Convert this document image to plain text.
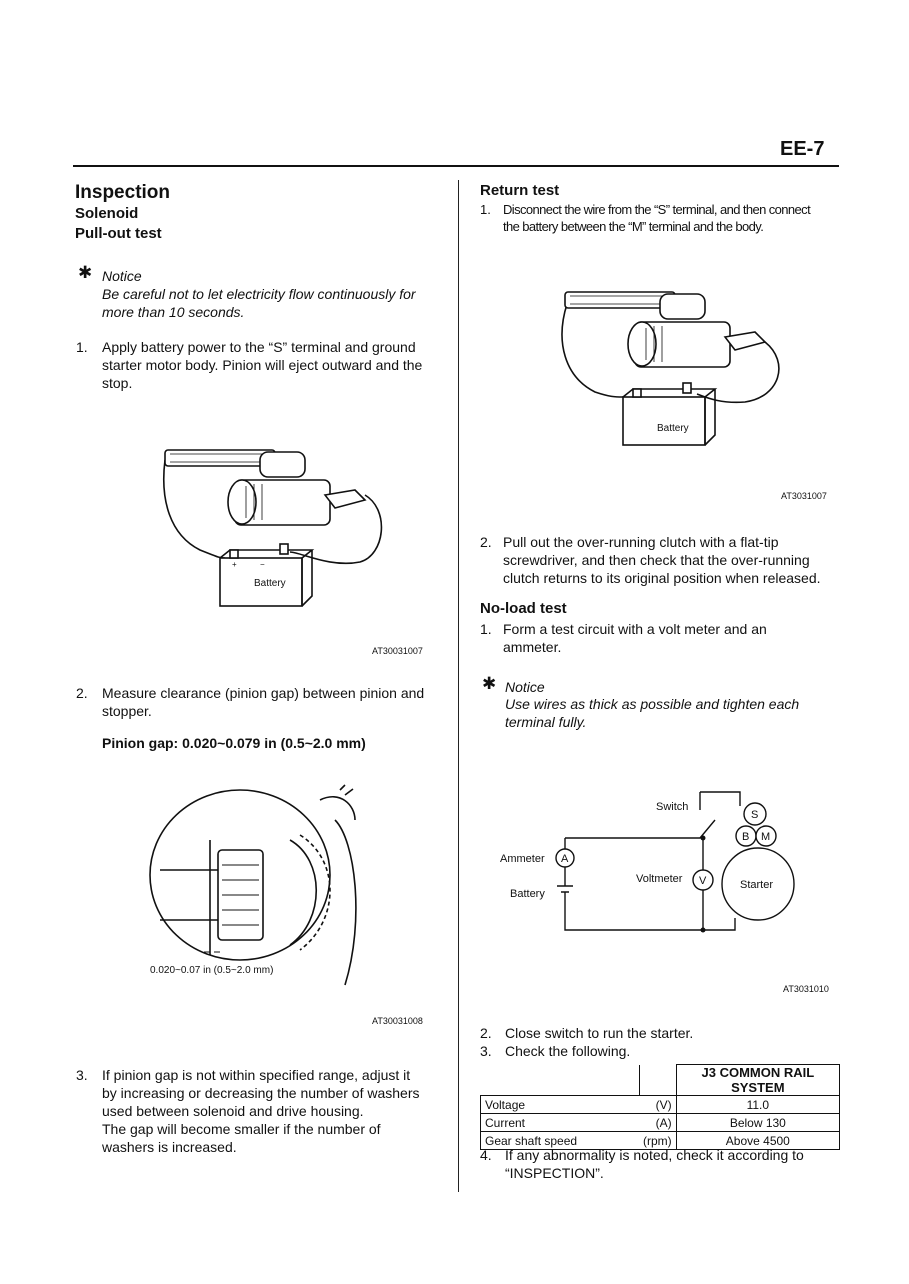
EE-7
Inspection
Solenoid
Pull-out test
✱ Notice
Be careful not to let electricity flow continuously for
more than 10 seconds.
1. Apply battery power to the “S” terminal and ground
starter motor body. Pinion will eject outward and the
stop.
Battery
+	−
AT30031007
2. Measure clearance (pinion gap) between pinion and
stopper.
Pinion gap: 0.020~0.079 in (0.5~2.0 mm)
0.020~0.07 in (0.5~2.0 mm)
AT30031008
3. If pinion gap is not within specified range, adjust it
by increasing or decreasing the number of washers
used between solenoid and drive housing.
The gap will become smaller if the number of
washers is increased.
Return test
1. Disconnect the wire from the “S” terminal, and then connect
the battery between the “M” terminal and the body.
Battery
AT3031007
2. Pull out the over-running clutch with a flat-tip
screwdriver, and then check that the over-running
clutch returns to its original position when released.
No-load test
1. Form a test circuit with a volt meter and an
ammeter.
✱ Notice
Use wires as thick as possible and tighten each
terminal fully.
Switch
S
B M
Ammeter A
Voltmeter V	Starter
Battery
AT3031010
2. Close switch to run the starter.
3. Check the following.
		J3 COMMON RAIL SYSTEM
Voltage	(V)	11.0
Current	(A)	Below 130
Gear shaft speed	(rpm)	Above 4500
4. If any abnormality is noted, check it according to
“INSPECTION”.
